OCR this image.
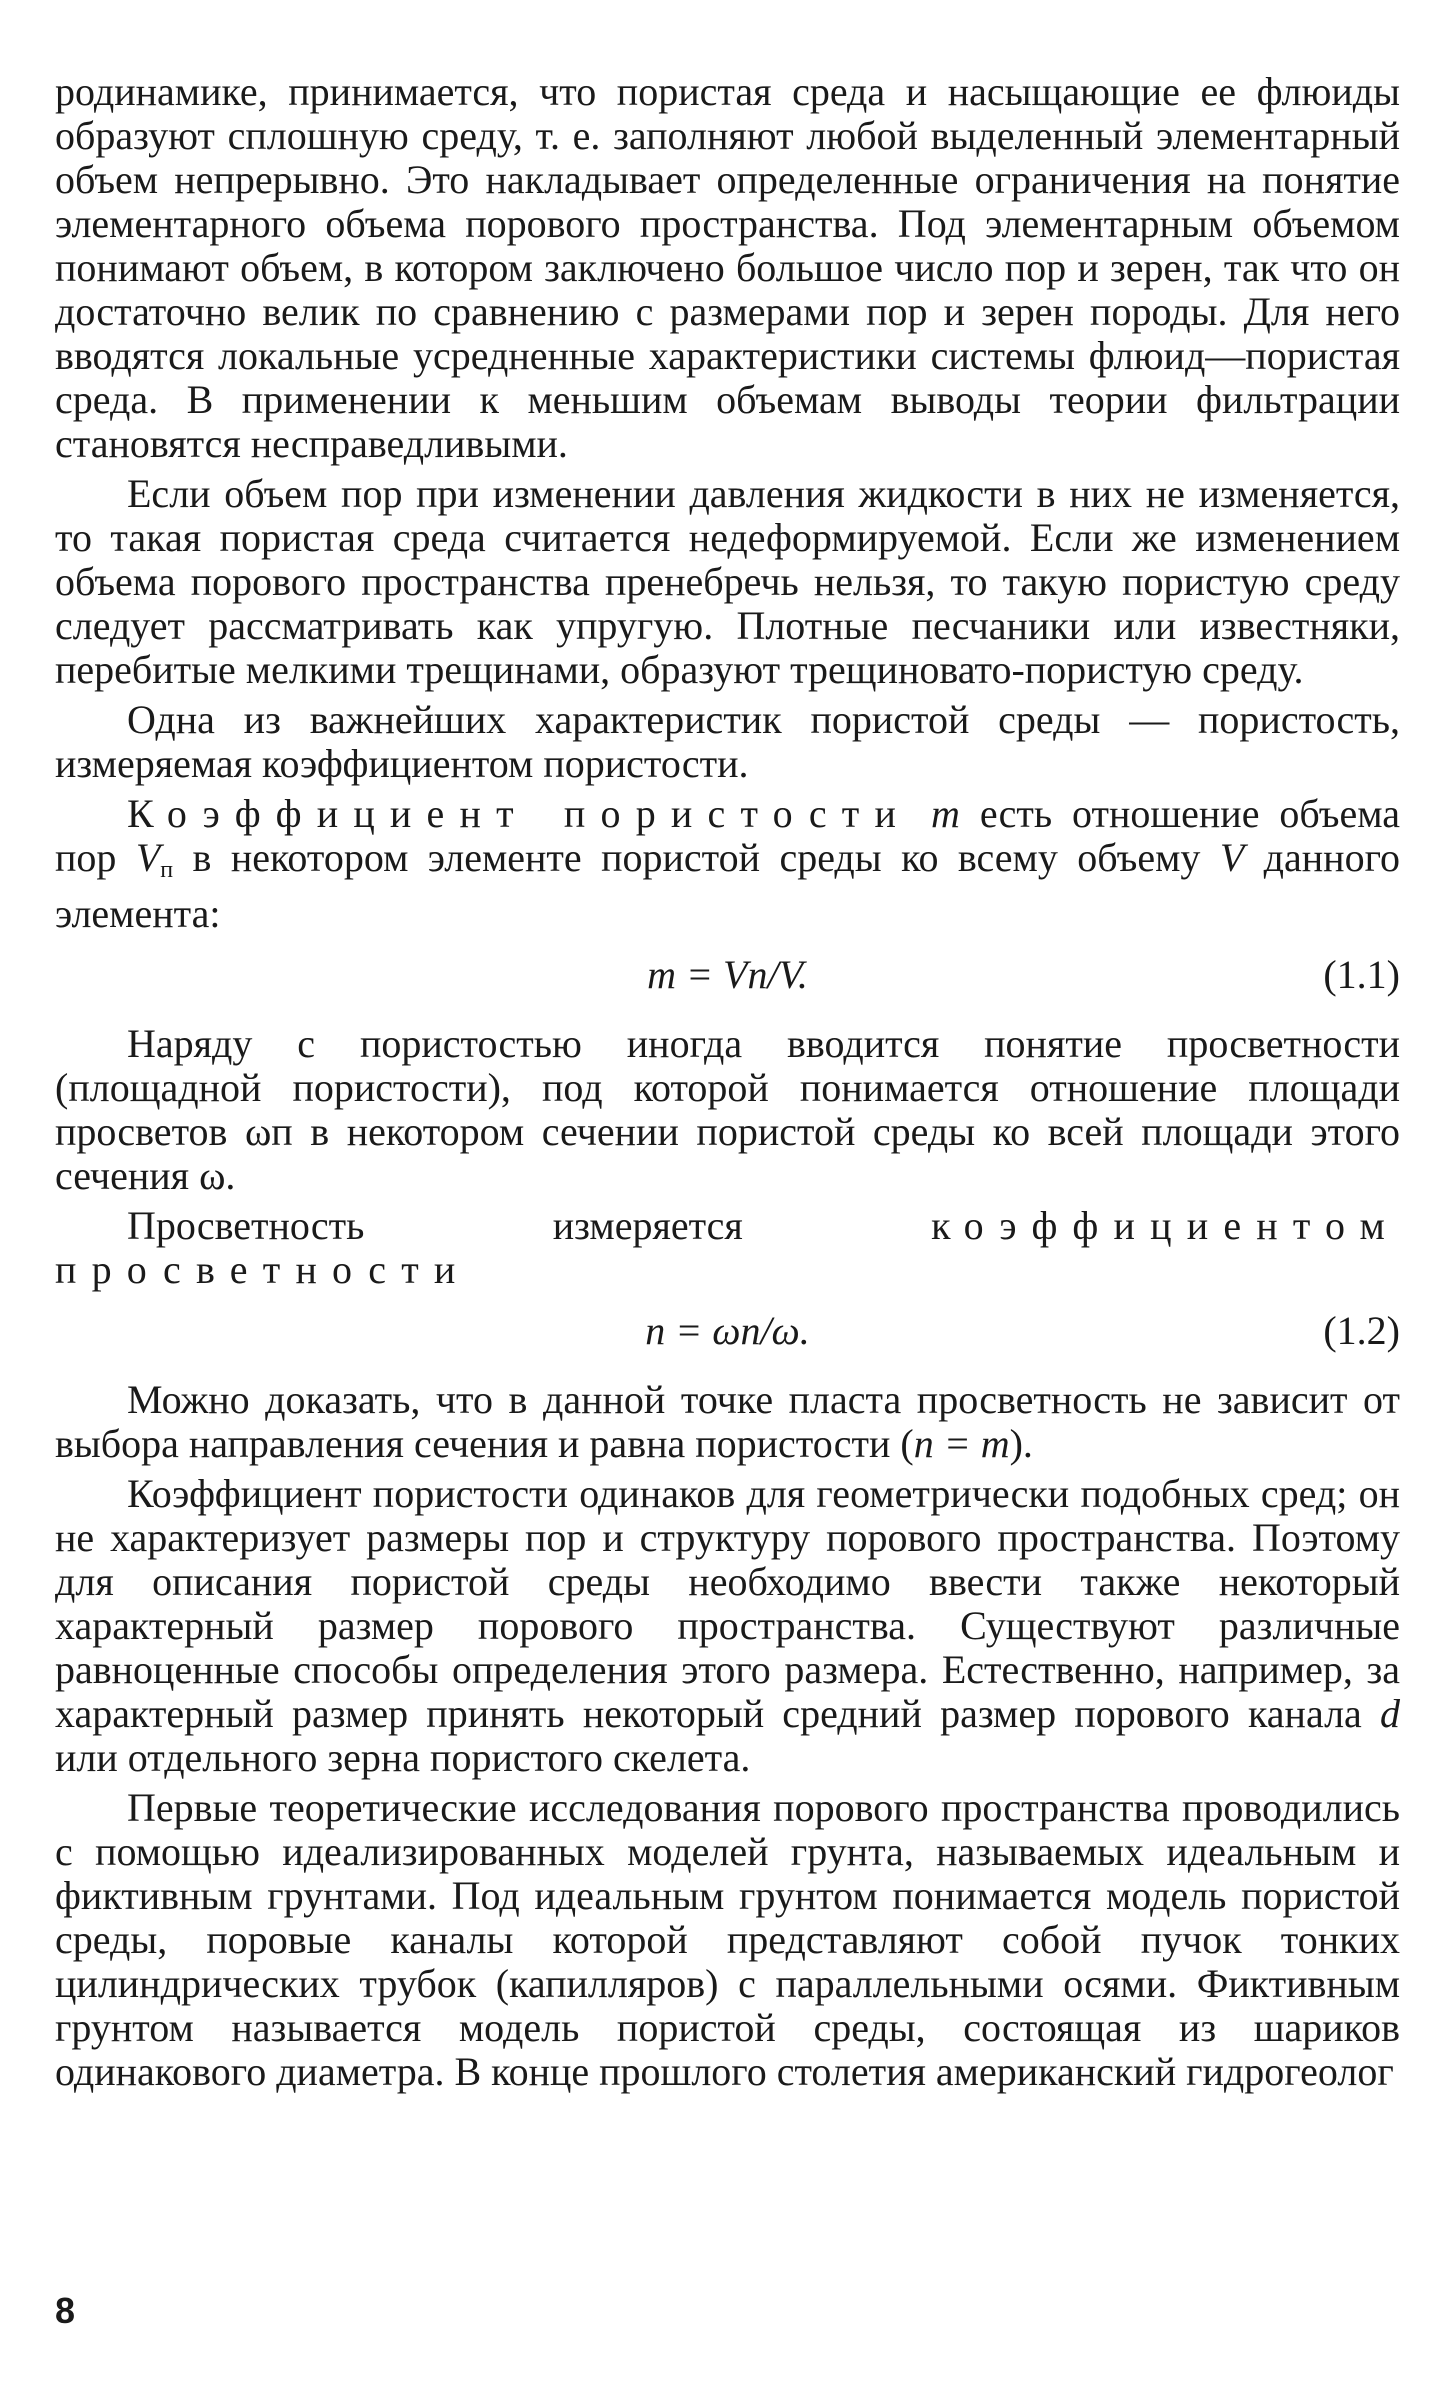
родинамике, принимается, что пористая среда и насыщающие ее флюиды образуют сплошную среду, т. е. заполняют любой выделенный элементарный объем непрерывно. Это накладывает определенные ограничения на понятие элементарного объема порового пространства. Под элементарным объемом понимают объем, в котором заключено большое число пор и зерен, так что он достаточно велик по сравнению с размерами пор и зерен породы. Для него вводятся локальные усредненные характеристики системы флюид—пористая среда. В применении к меньшим объемам выводы теории фильтрации становятся несправедливыми.

Если объем пор при изменении давления жидкости в них не изменяется, то такая пористая среда считается недеформируемой. Если же изменением объема порового пространства пренебречь нельзя, то такую пористую среду следует рассматривать как упругую. Плотные песчаники или известняки, перебитые мелкими трещинами, образуют трещиновато-пористую среду.

Одна из важнейших характеристик пористой среды — пористость, измеряемая коэффициентом пористости.

Коэффициент пористости m есть отношение объема пор $V_п$ в некотором элементе пористой среды ко всему объему V данного элемента:

m = Vп/V.	(1.1)

Наряду с пористостью иногда вводится понятие просветности (площадной пористости), под которой понимается отношение площади просветов ωп в некотором сечении пористой среды ко всей площади этого сечения ω.

Просветность измеряется	коэффициентом просветности

n = ωп/ω.	(1.2)

Можно доказать, что в данной точке пласта просветность не зависит от выбора направления сечения и равна пористости (n = m).

Коэффициент пористости одинаков для геометрически подобных сред; он не характеризует размеры пор и структуру порового пространства. Поэтому для описания пористой среды необходимо ввести также некоторый характерный размер порового пространства. Существуют различные равноценные способы определения этого размера. Естественно, например, за характерный размер принять некоторый средний размер порового канала d или отдельного зерна пористого скелета.

Первые теоретические исследования порового пространства проводились с помощью идеализированных моделей грунта, называемых идеальным и фиктивным грунтами. Под идеальным грунтом понимается модель пористой среды, поровые каналы которой представляют собой пучок тонких цилиндрических трубок (капилляров) с параллельными осями. Фиктивным грунтом называется модель пористой среды, состоящая из шариков одинакового диаметра. В конце прошлого столетия американский гидрогеолог

8
